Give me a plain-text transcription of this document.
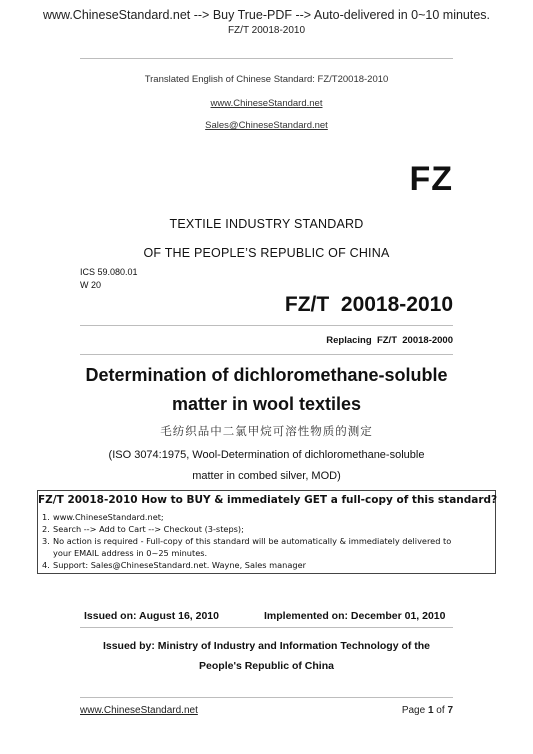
www.ChineseStandard.net --> Buy True-PDF --> Auto-delivered in 0~10 minutes.
FZ/T 20018-2010
Translated English of Chinese Standard: FZ/T20018-2010
www.ChineseStandard.net
Sales@ChineseStandard.net
FZ
TEXTILE INDUSTRY STANDARD
OF THE PEOPLE’S REPUBLIC OF CHINA
ICS 59.080.01
W 20
FZ/T  20018-2010
Replacing  FZ/T  20018-2000
Determination of dichloromethane-soluble
matter in wool textiles
毛纺织品中二氯甲烷可溶性物质的测定
(ISO 3074:1975, Wool-Determination of dichloromethane-soluble
matter in combed silver, MOD)
FZ/T 20018-2010 How to BUY & immediately GET a full-copy of this standard?
1. www.ChineseStandard.net;
2. Search --> Add to Cart --> Checkout (3-steps);
3. No action is required - Full-copy of this standard will be automatically & immediately delivered to
your EMAIL address in 0~25 minutes.
4. Support: Sales@ChineseStandard.net. Wayne, Sales manager
Issued on: August 16, 2010	Implemented on: December 01, 2010
Issued by: Ministry of Industry and Information Technology of the
People's Republic of China
www.ChineseStandard.net	Page 1 of 7
